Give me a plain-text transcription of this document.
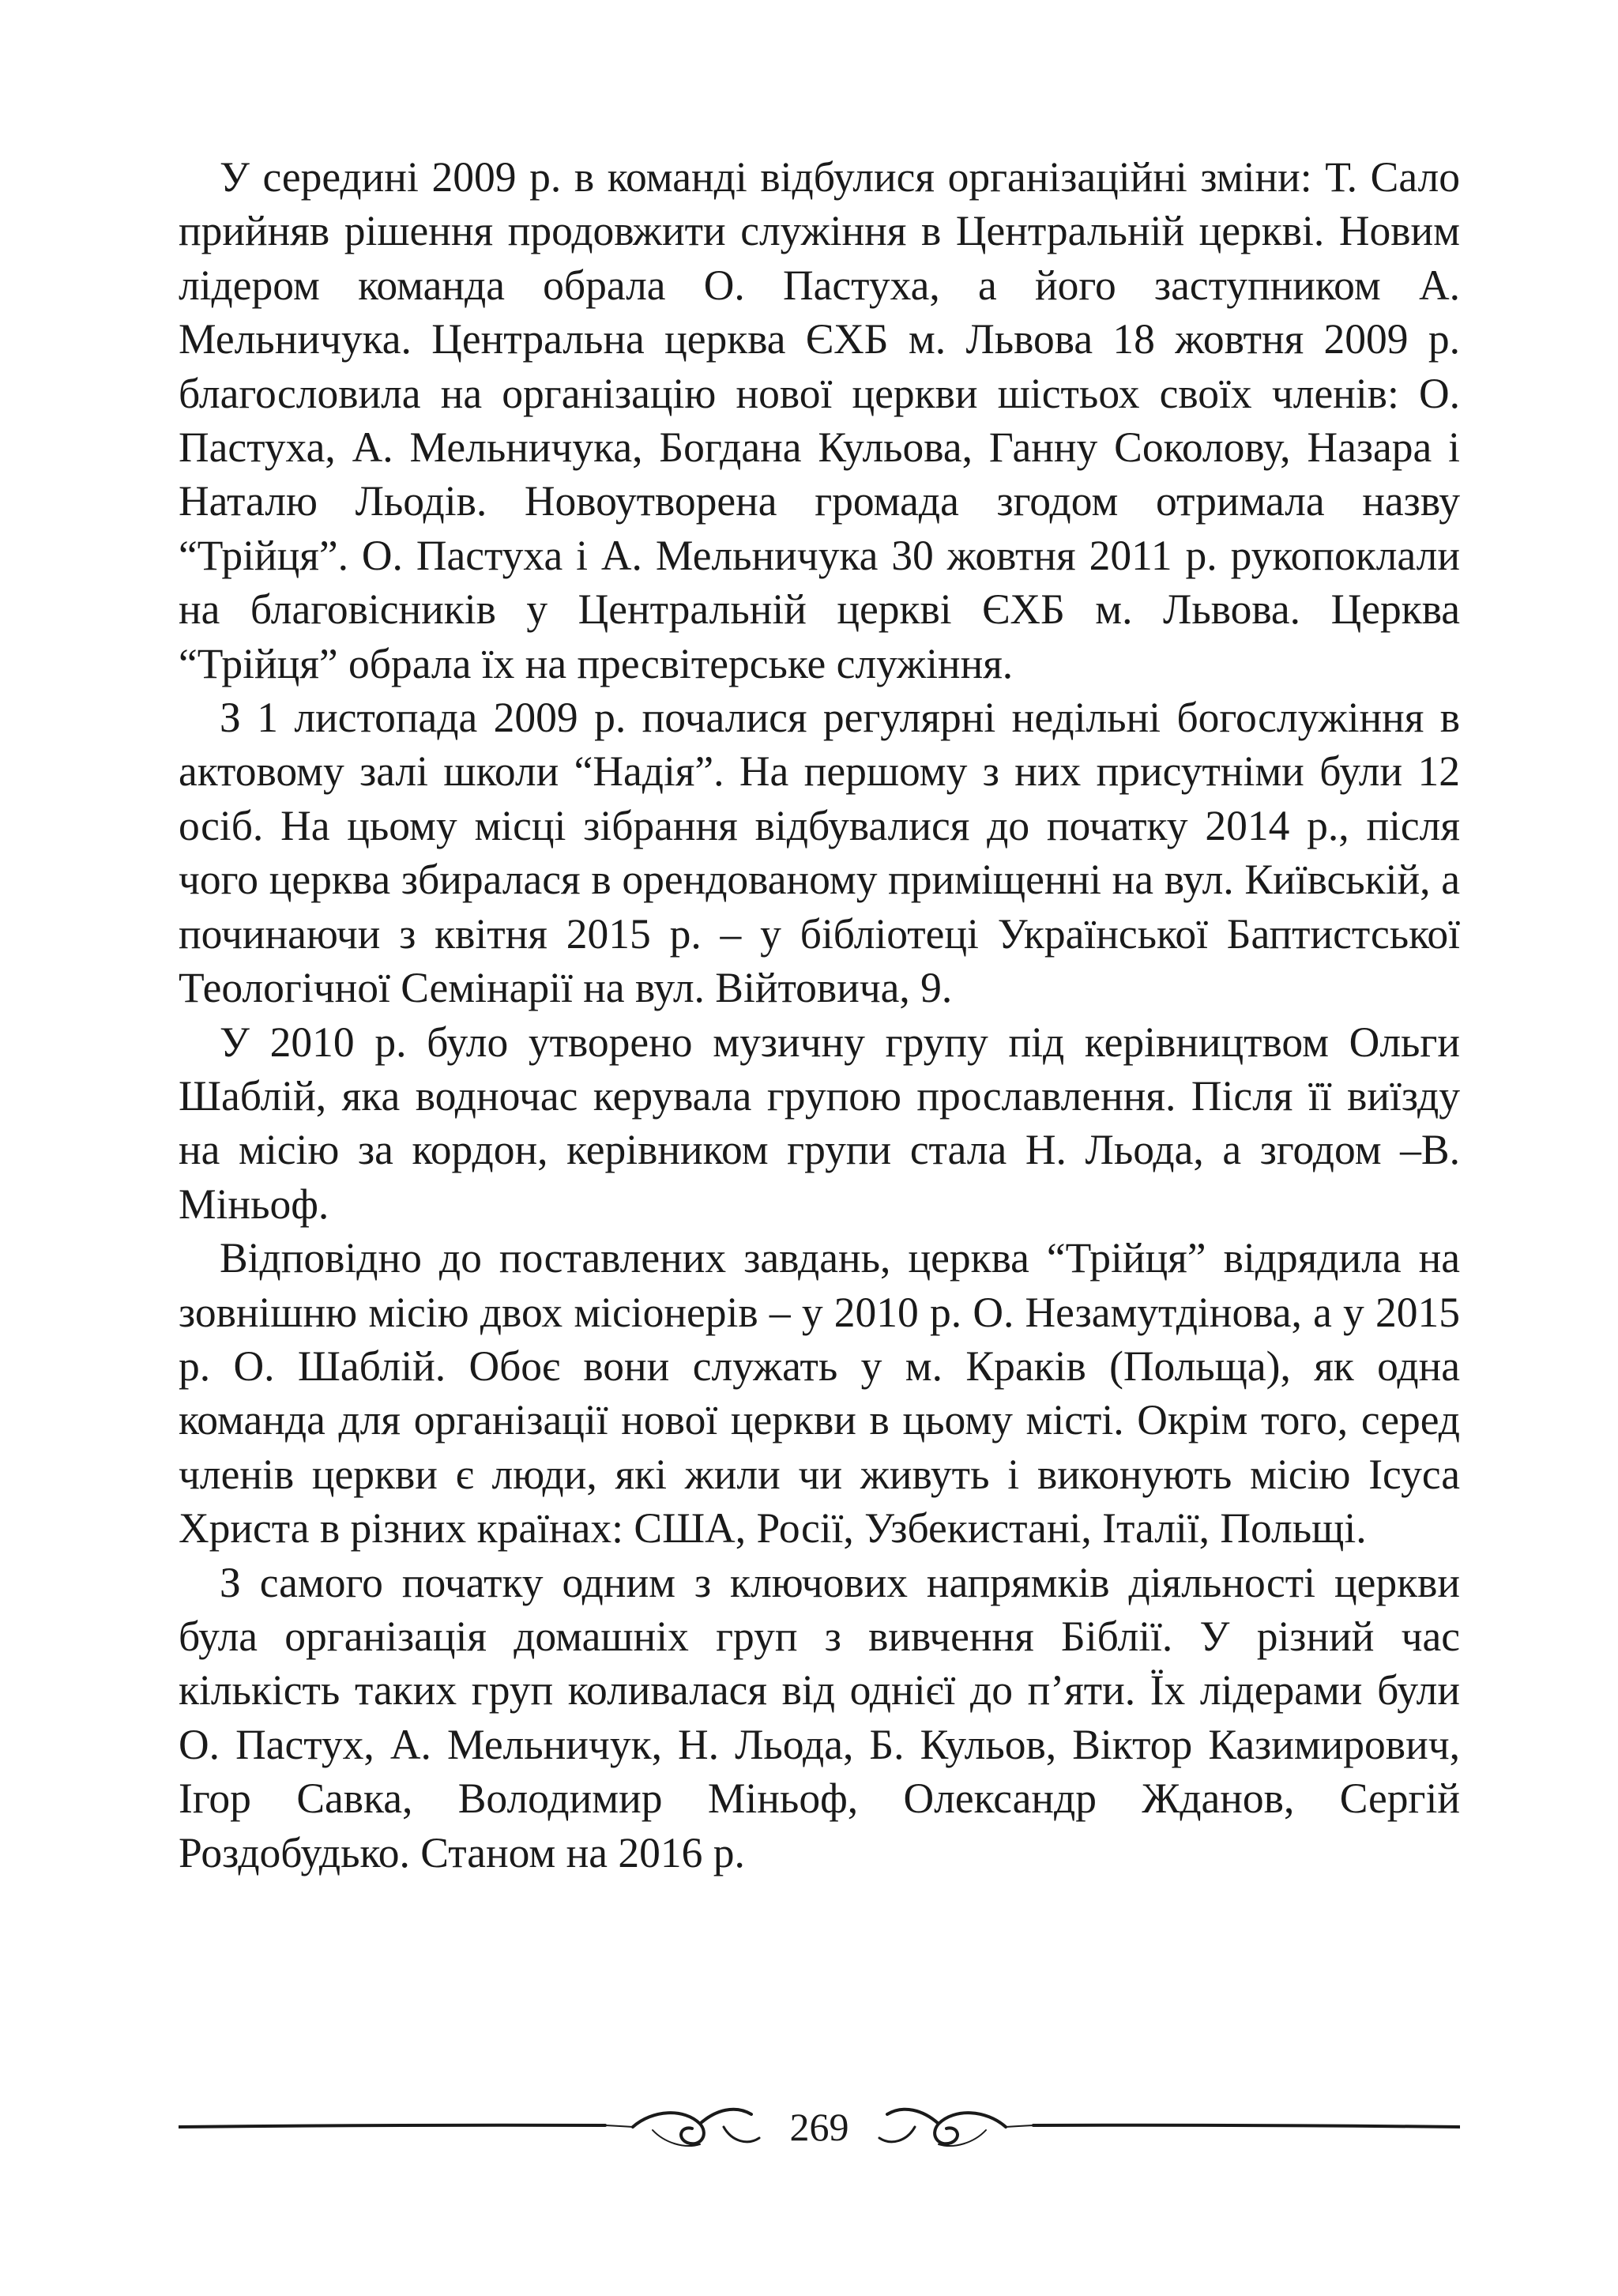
У середині 2009 р. в команді відбулися організаційні зміни: Т. Сало прийняв рішення продовжити служіння в Центральній церкві. Новим лідером команда обрала О. Пастуха, а його заступником А. Мельничука. Центральна церква ЄХБ м. Львова 18 жовтня 2009 р. благословила на організацію нової церкви шістьох своїх членів: О. Пастуха, А. Мельничука, Богдана Кульова, Ганну Соколову, Назара і Наталю Льодів. Новоутворена громада згодом отримала назву “Трійця”. О. Пастуха і А. Мельничука 30 жовтня 2011 р. рукопоклали на благовісників у Центральній церкві ЄХБ м. Львова. Церква “Трійця” обрала їх на пресвітерське служіння.

З 1 листопада 2009 р. почалися регулярні недільні богослужіння в актовому залі школи “Надія”. На першому з них присутніми були 12 осіб. На цьому місці зібрання відбувалися до початку 2014 р., після чого церква збиралася в орендованому приміщенні на вул. Київській, а починаючи з квітня 2015 р. – у бібліотеці Української Баптистської Теологічної Семінарії на вул. Війтовича, 9.

У 2010 р. було утворено музичну групу під керівництвом Ольги Шаблій, яка водночас керувала групою прославлення. Після її виїзду на місію за кордон, керівником групи стала Н. Льода, а згодом –В. Міньоф.

Відповідно до поставлених завдань, церква “Трійця” відрядила на зовнішню місію двох місіонерів – у 2010 р. О. Незамутдінова, а у 2015 р. О. Шаблій. Обоє вони служать у м. Краків (Польща), як одна команда для організації нової церкви в цьому місті. Окрім того, серед членів церкви є люди, які жили чи живуть і виконують місію Ісуса Христа в різних країнах: США, Росії, Узбекистані, Італії, Польщі.

З самого початку одним з ключових напрямків діяльності церкви була організація домашніх груп з вивчення Біблії. У різний час кількість таких груп коливалася від однієї до п’яти. Їх лідерами були О. Пастух, А. Мельничук, Н. Льода, Б. Кульов, Віктор Казимирович, Ігор Савка, Володимир Міньоф, Олександр Жданов, Сергій Роздобудько. Станом на 2016 р.

269
